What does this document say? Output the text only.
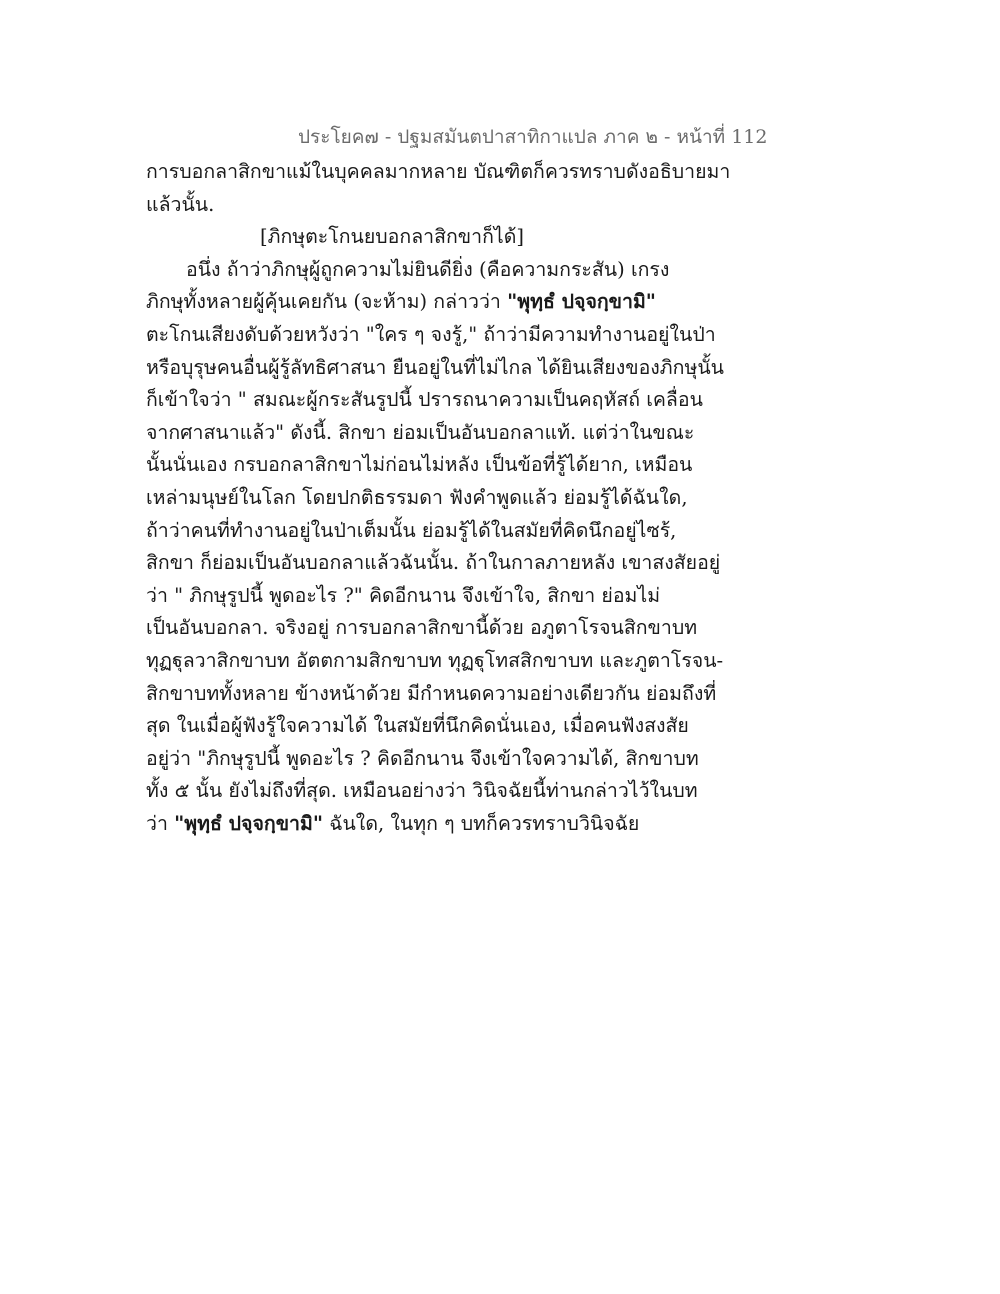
ประโยค๗ - ปฐมสมันตปาสาทิกาแปล ภาค ๒ - หน้าที่ 112
การบอกลาสิกขาแม้ในบุคคลมากหลาย บัณฑิตก็ควรทราบดังอธิบายมา
แล้วนั้น.
[ภิกษุตะโกนยบอกลาสิกขาก็ได้]
อนึ่ง ถ้าว่าภิกษุผู้ถูกความไม่ยินดียิ่ง (คือความกระสัน) เกรง
ภิกษุทั้งหลายผู้คุ้นเคยกัน (จะห้าม) กล่าวว่า "พุทฺธํ ปจฺจกฺขามิ"
ตะโกนเสียงดับด้วยหวังว่า "ใคร ๆ จงรู้," ถ้าว่ามีความทำงานอยู่ในป่า
หรือบุรุษคนอื่นผู้รู้ลัทธิศาสนา ยืนอยู่ในที่ไม่ไกล ได้ยินเสียงของภิกษุนั้น
ก็เข้าใจว่า " สมณะผู้กระสันรูปนี้ ปรารถนาความเป็นคฤหัสถ์ เคลื่อน
จากศาสนาแล้ว" ดังนี้. สิกขา ย่อมเป็นอันบอกลาแท้. แต่ว่าในขณะ
นั้นนั่นเอง กรบอกลาสิกขาไม่ก่อนไม่หลัง เป็นข้อที่รู้ได้ยาก, เหมือน
เหล่ามนุษย์ในโลก โดยปกติธรรมดา ฟังคำพูดแล้ว ย่อมรู้ได้ฉันใด,
ถ้าว่าคนที่ทำงานอยู่ในป่าเต็มนั้น ย่อมรู้ได้ในสมัยที่คิดนึกอยู่ไซร้,
สิกขา ก็ย่อมเป็นอันบอกลาแล้วฉันนั้น. ถ้าในกาลภายหลัง เขาสงสัยอยู่
ว่า " ภิกษุรูปนี้ พูดอะไร ?" คิดอีกนาน จึงเข้าใจ, สิกขา ย่อมไม่
เป็นอันบอกลา. จริงอยู่ การบอกลาสิกขานี้ด้วย อภูตาโรจนสิกขาบท
ทุฏฐุลวาสิกขาบท อัตตกามสิกขาบท ทุฏฐุโทสสิกขาบท และภูตาโรจน-
สิกขาบททั้งหลาย ข้างหน้าด้วย มีกำหนดความอย่างเดียวกัน ย่อมถึงที่
สุด ในเมื่อผู้ฟังรู้ใจความได้ ในสมัยที่นึกคิดนั่นเอง, เมื่อคนฟังสงสัย
อยู่ว่า "ภิกษุรูปนี้ พูดอะไร ? คิดอีกนาน จึงเข้าใจความได้, สิกขาบท
ทั้ง ๕ นั้น ยังไม่ถึงที่สุด. เหมือนอย่างว่า วินิจฉัยนี้ท่านกล่าวไว้ในบท
ว่า "พุทฺธํ ปจฺจกฺขามิ" ฉันใด, ในทุก ๆ บทก็ควรทราบวินิจฉัย
